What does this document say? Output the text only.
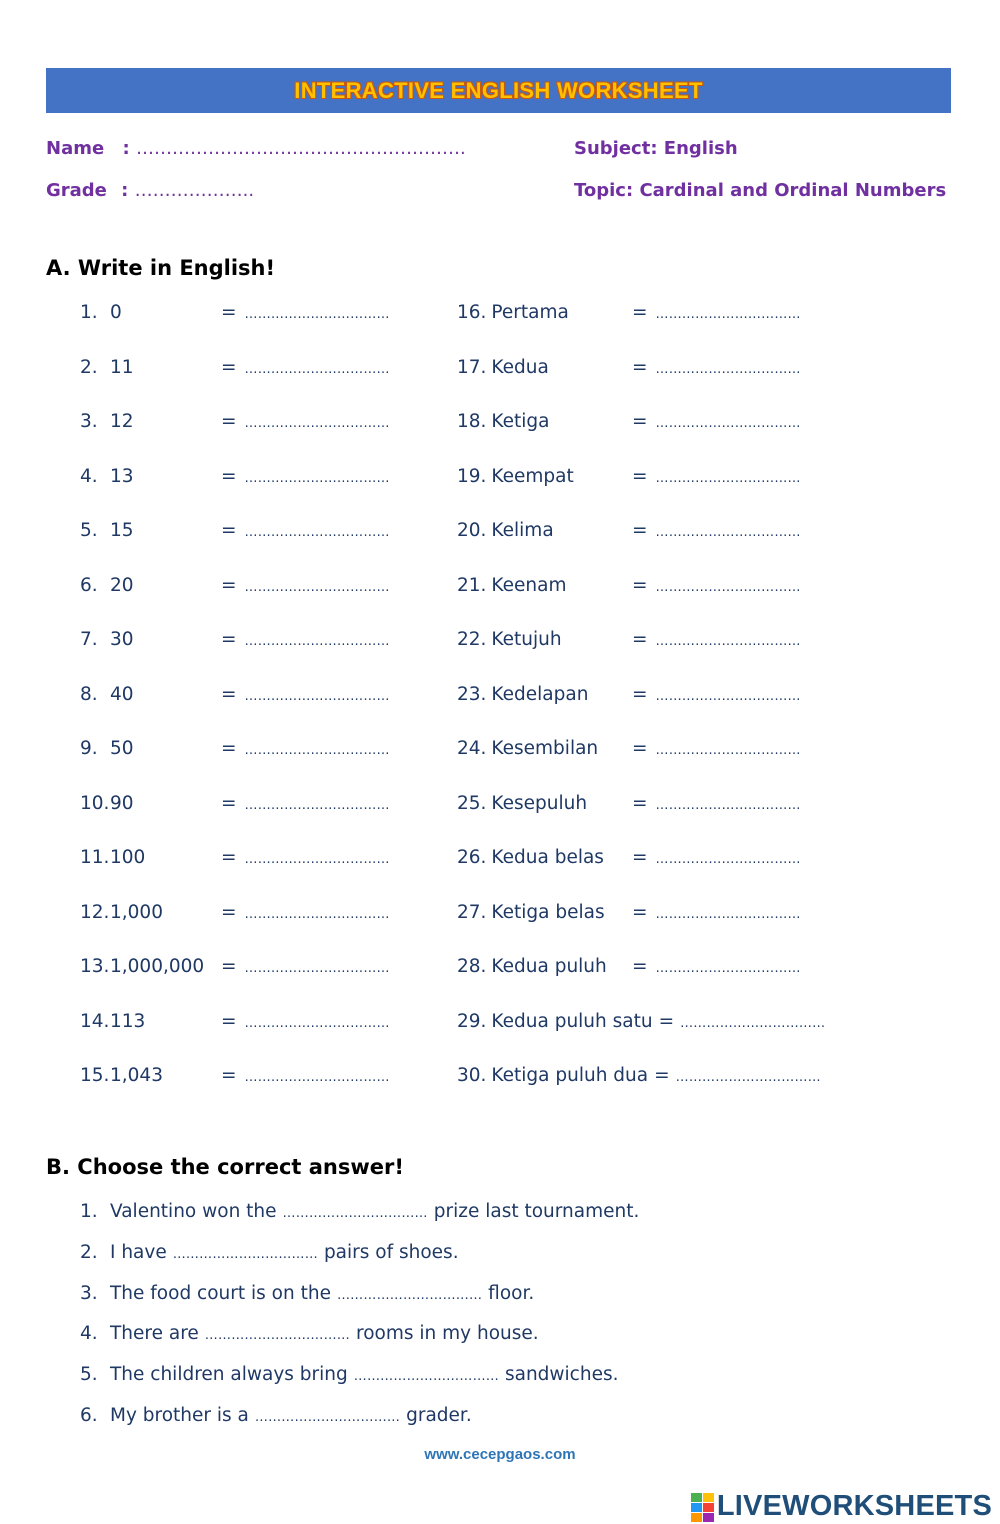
INTERACTIVE ENGLISH WORKSHEET
Name : ……………………………………………….
Grade : ………………..
Subject: English
Topic: Cardinal and Ordinal Numbers
A. Write in English!
1. 0	= ……………………………
2. 11	= ……………………………
3. 12	= ……………………………
4. 13	= ……………………………
5. 15	= ……………………………
6. 20	= ……………………………
7. 30	= ……………………………
8. 40	= ……………………………
9. 50	= ……………………………
10.90	= ……………………………
11.100	= ……………………………
12.1,000	= ……………………………
13.1,000,000 = ……………………………
14.113	= ……………………………
15.1,043	= ……………………………
16. Pertama	= ……………………………
17. Kedua	= ……………………………
18. Ketiga	= ……………………………
19. Keempat	= ……………………………
20. Kelima	= ……………………………
21. Keenam	= ……………………………
22. Ketujuh	= ……………………………
23. Kedelapan = ……………………………
24. Kesembilan = ……………………………
25. Kesepuluh = ……………………………
26. Kedua belas = ……………………………
27. Ketiga belas = ……………………………
28. Kedua puluh = ……………………………
29. Kedua puluh satu = ……………………………
30. Ketiga puluh dua = ……………………………
B. Choose the correct answer!
1. Valentino won the …………………………… prize last tournament.
2. I have …………………………… pairs of shoes.
3. The food court is on the …………………………… floor.
4. There are …………………………… rooms in my house.
5. The children always bring …………………………… sandwiches.
6. My brother is a …………………………… grader.
www.cecepgaos.com
LIVEWORKSHEETS
